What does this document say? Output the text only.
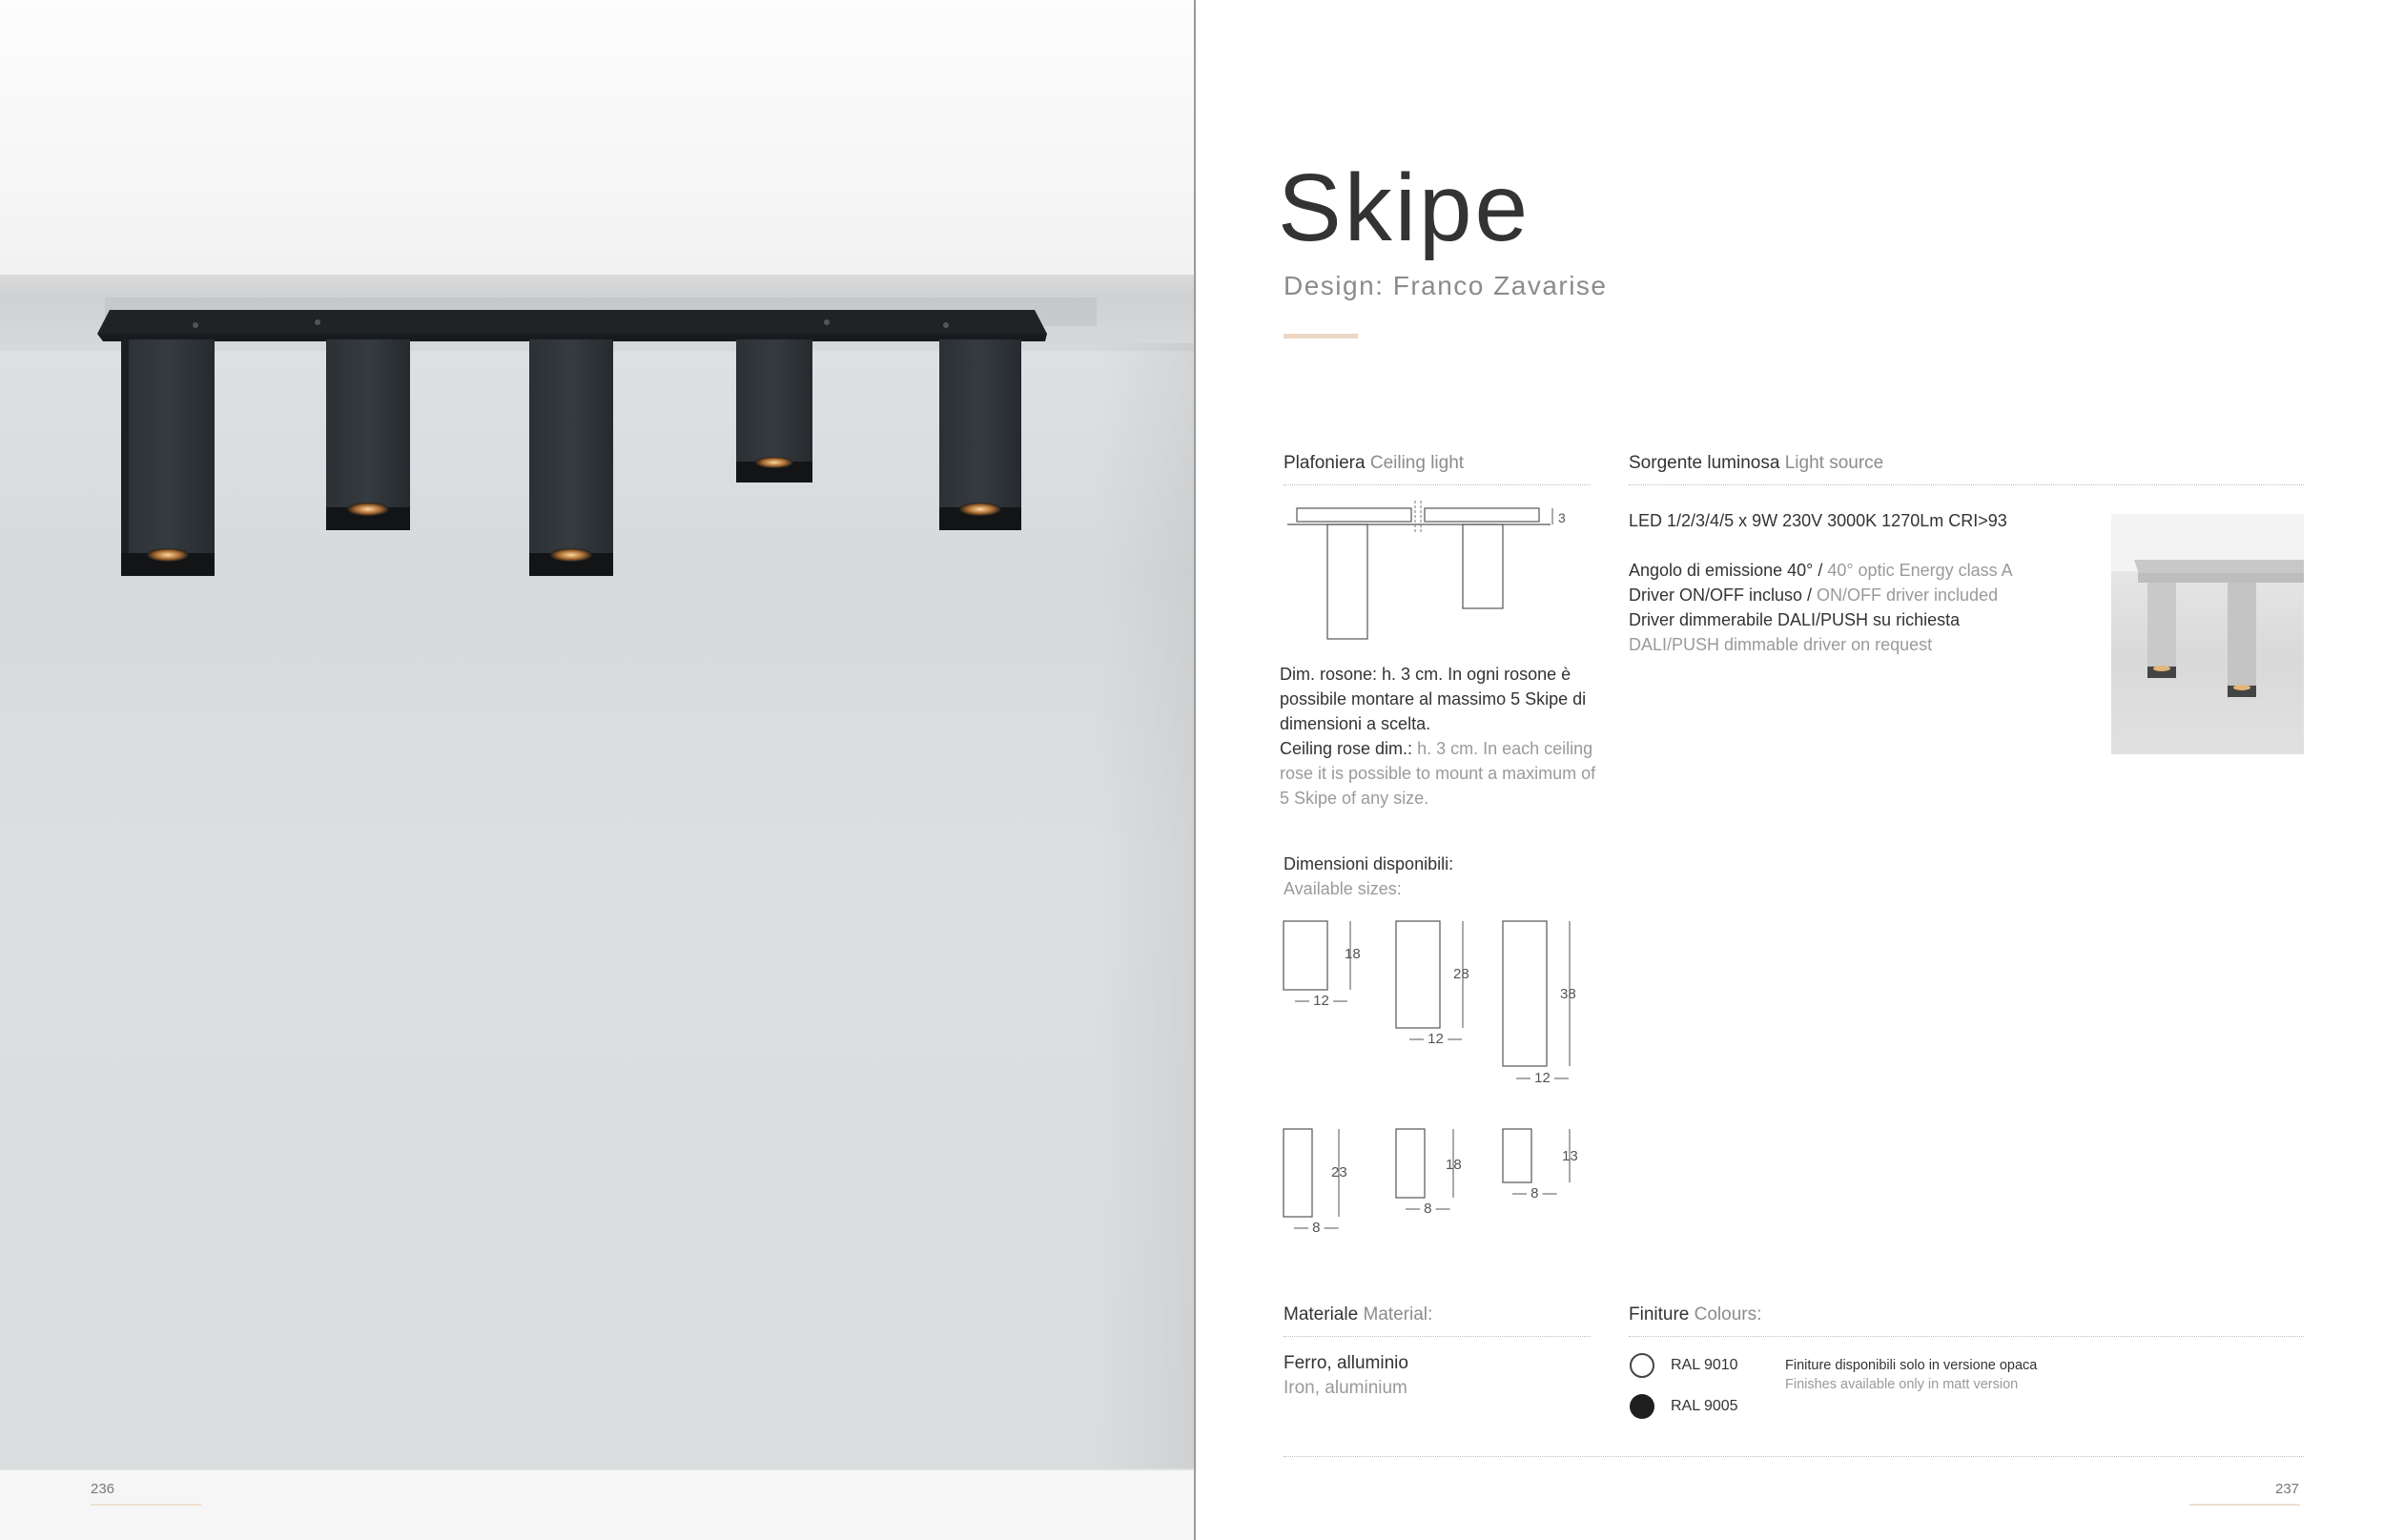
236
Skipe
Design: Franco Zavarise
Plafoniera Ceiling light
3
Dim. rosone: h. 3 cm. In ogni rosone è possibile montare al massimo 5 Skipe di dimensioni a scelta.
Ceiling rose dim.: h. 3 cm. In each ceiling rose it is possible to mount a maximum of 5 Skipe of any size.
Sorgente luminosa Light source
LED 1/2/3/4/5 x 9W 230V 3000K 1270Lm CRI>93
Angolo di emissione 40° / 40° optic Energy class A
Driver ON/OFF incluso / ON/OFF driver included
Driver dimmerabile DALI/PUSH su richiesta
DALI/PUSH dimmable driver on request
Dimensioni disponibili:
Available sizes:
18
— 12 —
28
— 12 —
38
— 12 —
23
— 8 —
18
— 8 —
13
— 8 —
Materiale Material:
Ferro, alluminio
Iron, aluminium
Finiture Colours:
RAL 9010
RAL 9005
Finiture disponibili solo in versione opaca
Finishes available only in matt version
237
